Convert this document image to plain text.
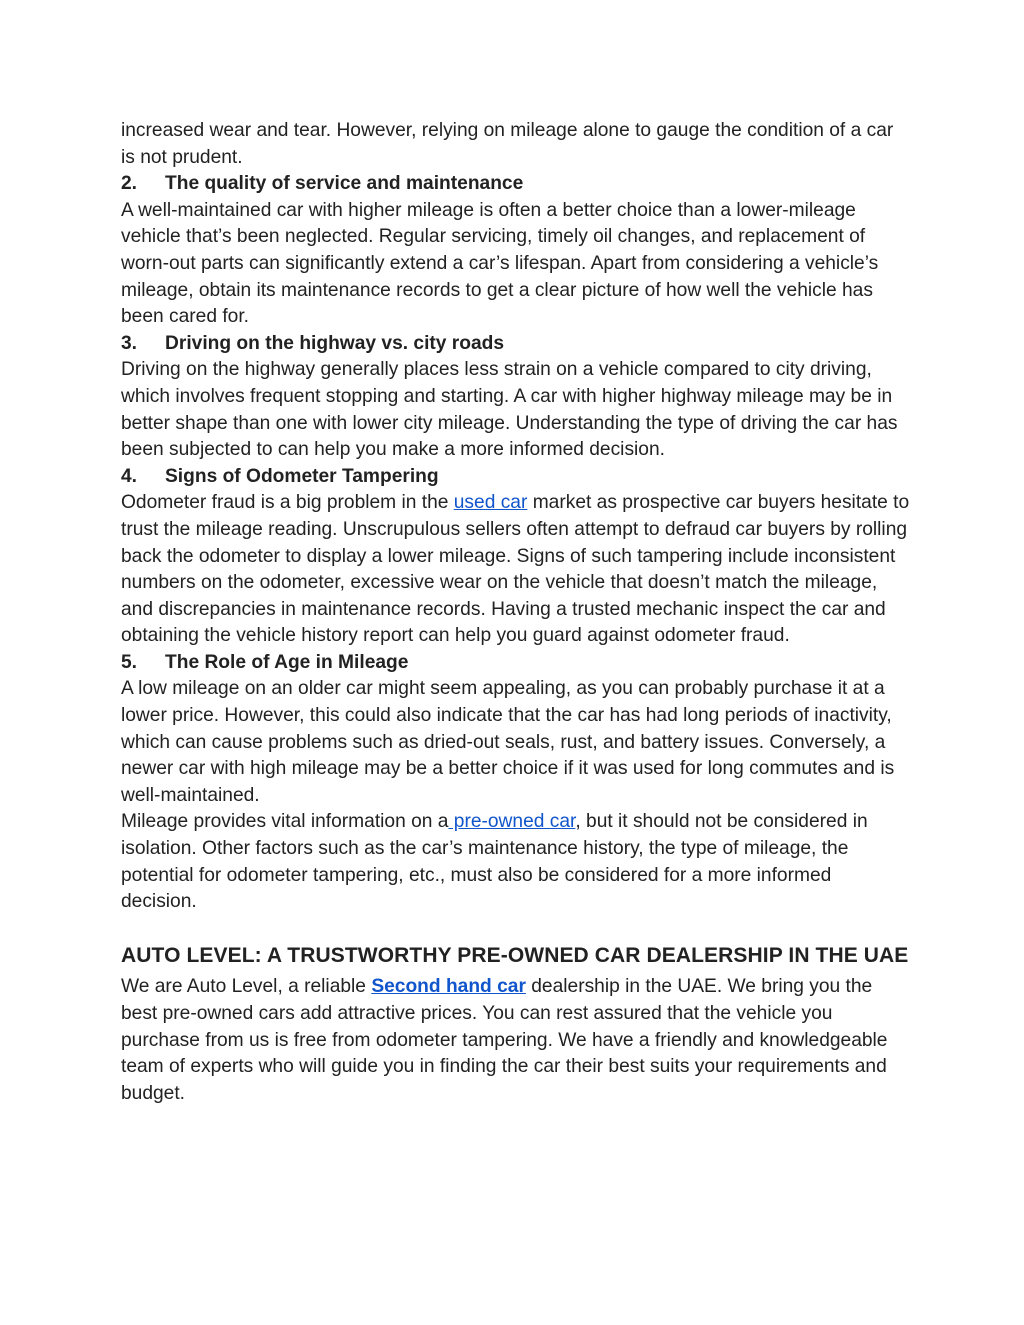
increased wear and tear. However, relying on mileage alone to gauge the condition of a car is not prudent.

2.	The quality of service and maintenance

A well-maintained car with higher mileage is often a better choice than a lower-mileage vehicle that’s been neglected. Regular servicing, timely oil changes, and replacement of worn-out parts can significantly extend a car’s lifespan. Apart from considering a vehicle’s mileage, obtain its maintenance records to get a clear picture of how well the vehicle has been cared for.

3.	Driving on the highway vs. city roads

Driving on the highway generally places less strain on a vehicle compared to city driving, which involves frequent stopping and starting. A car with higher highway mileage may be in better shape than one with lower city mileage. Understanding the type of driving the car has been subjected to can help you make a more informed decision.

4.	Signs of Odometer Tampering

Odometer fraud is a big problem in the used car market as prospective car buyers hesitate to trust the mileage reading. Unscrupulous sellers often attempt to defraud car buyers by rolling back the odometer to display a lower mileage. Signs of such tampering include inconsistent numbers on the odometer, excessive wear on the vehicle that doesn’t match the mileage, and discrepancies in maintenance records. Having a trusted mechanic inspect the car and obtaining the vehicle history report can help you guard against odometer fraud.

5.	The Role of Age in Mileage

A low mileage on an older car might seem appealing, as you can probably purchase it at a lower price. However, this could also indicate that the car has had long periods of inactivity, which can cause problems such as dried-out seals, rust, and battery issues. Conversely, a newer car with high mileage may be a better choice if it was used for long commutes and is well-maintained.

Mileage provides vital information on a pre-owned car, but it should not be considered in isolation. Other factors such as the car’s maintenance history, the type of mileage, the potential for odometer tampering, etc., must also be considered for a more informed decision.

AUTO LEVEL: A TRUSTWORTHY PRE-OWNED CAR DEALERSHIP IN THE UAE

We are Auto Level, a reliable Second hand car dealership in the UAE. We bring you the best pre-owned cars add attractive prices. You can rest assured that the vehicle you purchase from us is free from odometer tampering. We have a friendly and knowledgeable team of experts who will guide you in finding the car their best suits your requirements and budget.
